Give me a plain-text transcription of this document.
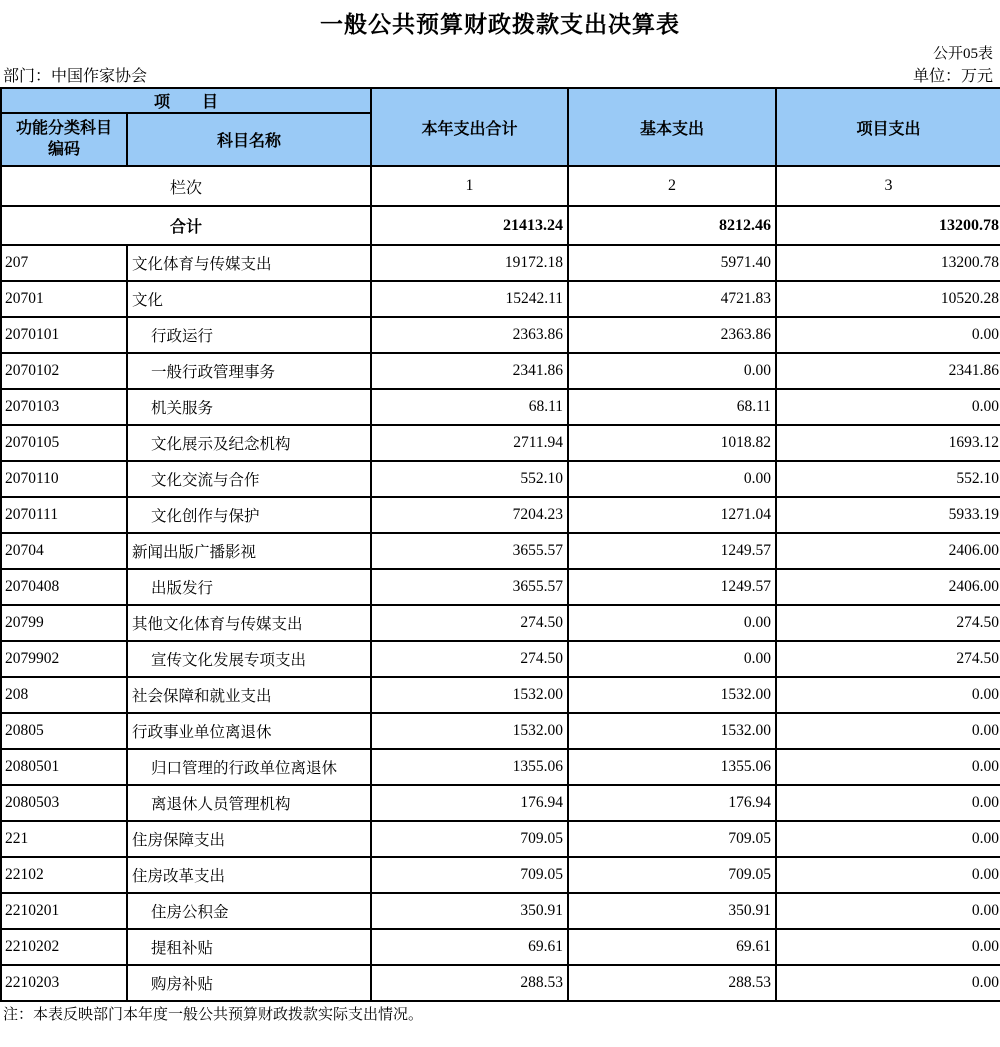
一般公共预算财政拨款支出决算表
公开05表
部门：中国作家协会	单位：万元
项　　目		本年支出合计	基本支出	项目支出

功能分类科目
编码	科目名称			
栏次		1	2	3
合计		21413.24	8212.46	13200.78
207	文化体育与传媒支出	19172.18	5971.40	13200.78
20701	文化	15242.11	4721.83	10520.28
2070101	行政运行	2363.86	2363.86	0.00
2070102	一般行政管理事务	2341.86	0.00	2341.86
2070103	机关服务	68.11	68.11	0.00
2070105	文化展示及纪念机构	2711.94	1018.82	1693.12
2070110	文化交流与合作	552.10	0.00	552.10
2070111	文化创作与保护	7204.23	1271.04	5933.19
20704	新闻出版广播影视	3655.57	1249.57	2406.00
2070408	出版发行	3655.57	1249.57	2406.00
20799	其他文化体育与传媒支出	274.50	0.00	274.50
2079902	宣传文化发展专项支出	274.50	0.00	274.50
208	社会保障和就业支出	1532.00	1532.00	0.00
20805	行政事业单位离退休	1532.00	1532.00	0.00
2080501	归口管理的行政单位离退休	1355.06	1355.06	0.00
2080503	离退休人员管理机构	176.94	176.94	0.00
221	住房保障支出	709.05	709.05	0.00
22102	住房改革支出	709.05	709.05	0.00
2210201	住房公积金	350.91	350.91	0.00
2210202	提租补贴	69.61	69.61	0.00
2210203	购房补贴	288.53	288.53	0.00
注：本表反映部门本年度一般公共预算财政拨款实际支出情况。
